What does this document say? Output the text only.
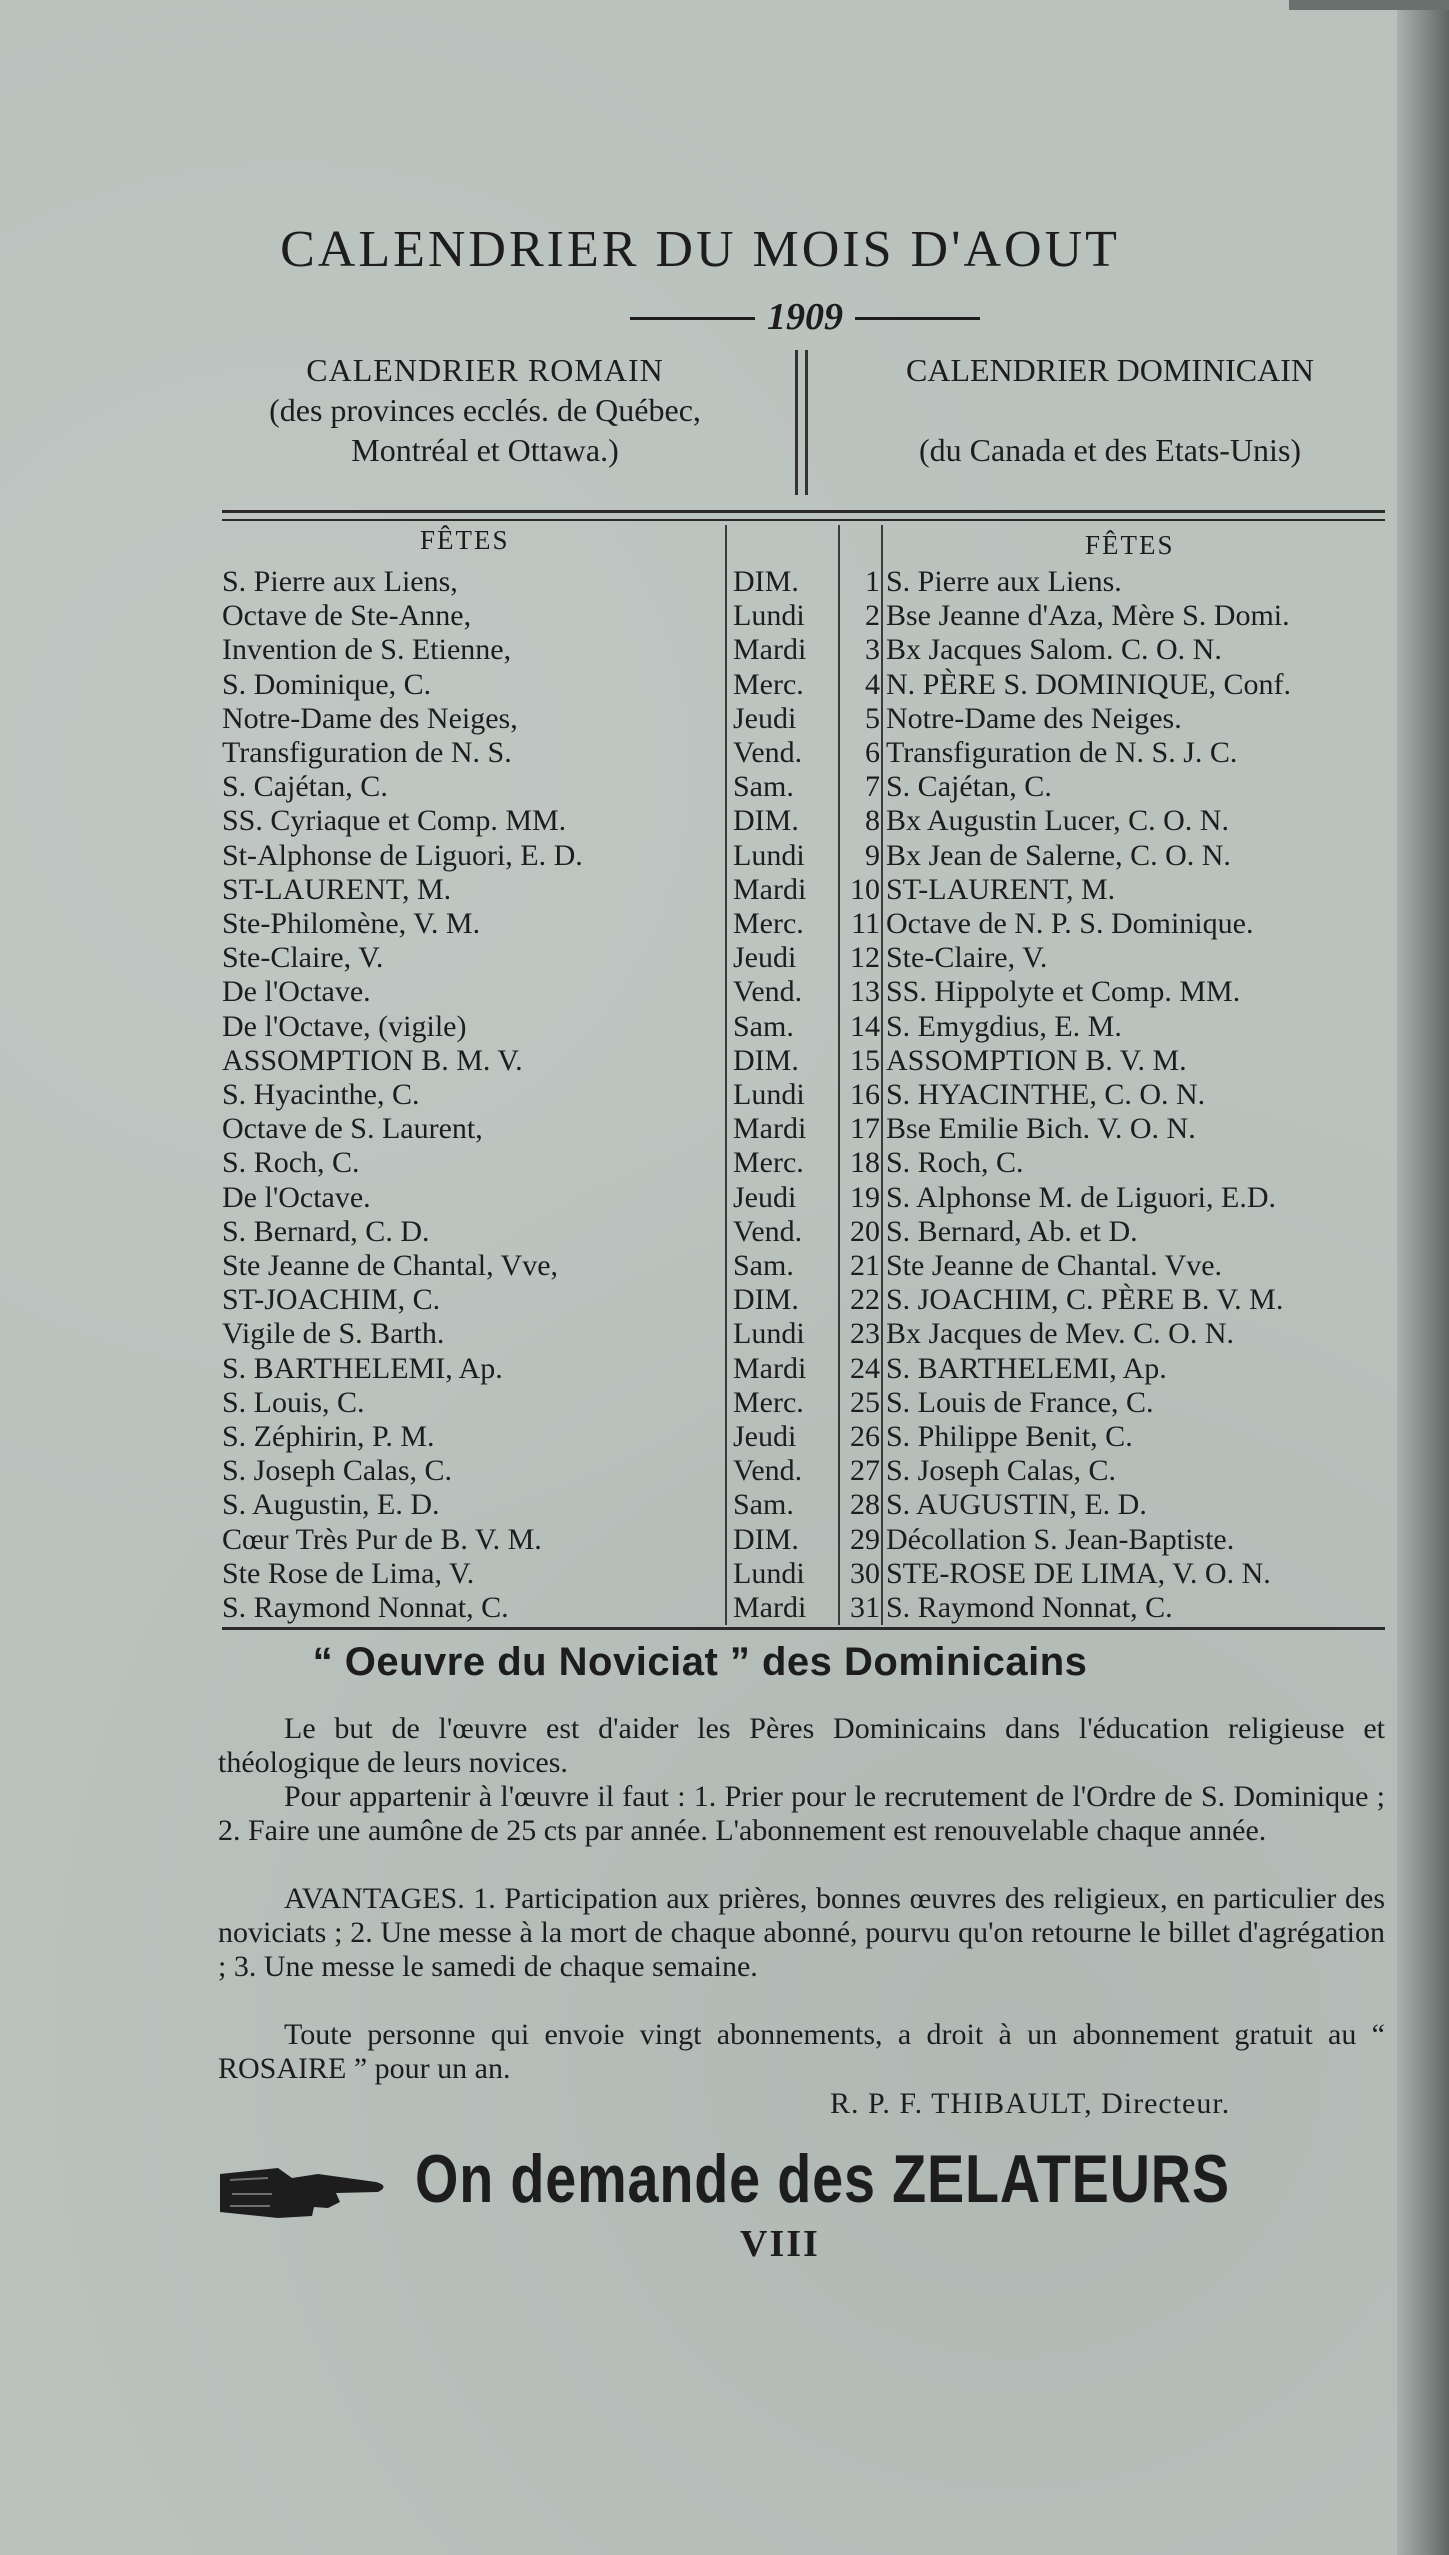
CALENDRIER DU MOIS D'AOUT
1909
CALENDRIER ROMAIN
(des provinces ecclés. de Québec,
Montréal et Ottawa.)
CALENDRIER DOMINICAIN
(du Canada et des Etats-Unis)
FÊTES	FÊTES
S. Pierre aux Liens,	DIM.	1 S. Pierre aux Liens.
Octave de Ste-Anne,	Lundi	2 Bse Jeanne d'Aza, Mère S. Domi.
Invention de S. Etienne,	Mardi	3 Bx Jacques Salom. C. O. N.
S. Dominique, C.	Merc.	4 N. PÈRE S. DOMINIQUE, Conf.
Notre-Dame des Neiges,	Jeudi	5 Notre-Dame des Neiges.
Transfiguration de N. S.	Vend.	6 Transfiguration de N. S. J. C.
S. Cajétan, C.	Sam.	7 S. Cajétan, C.
SS. Cyriaque et Comp. MM.	DIM.	8 Bx Augustin Lucer, C. O. N.
St-Alphonse de Liguori, E. D.	Lundi	9 Bx Jean de Salerne, C. O. N.
ST-LAURENT, M.	Mardi	10 ST-LAURENT, M.
Ste-Philomène, V. M.	Merc.	11 Octave de N. P. S. Dominique.
Ste-Claire, V.	Jeudi	12 Ste-Claire, V.
De l'Octave.	Vend.	13 SS. Hippolyte et Comp. MM.
De l'Octave, (vigile)	Sam.	14 S. Emygdius, E. M.
ASSOMPTION B. M. V.	DIM.	15 ASSOMPTION B. V. M.
S. Hyacinthe, C.	Lundi	16 S. HYACINTHE, C. O. N.
Octave de S. Laurent,	Mardi	17 Bse Emilie Bich. V. O. N.
S. Roch, C.	Merc.	18 S. Roch, C.
De l'Octave.	Jeudi	19 S. Alphonse M. de Liguori, E.D.
S. Bernard, C. D.	Vend.	20 S. Bernard, Ab. et D.
Ste Jeanne de Chantal, Vve,	Sam.	21 Ste Jeanne de Chantal. Vve.
ST-JOACHIM, C.	DIM.	22 S. JOACHIM, C. PÈRE B. V. M.
Vigile de S. Barth.	Lundi	23 Bx Jacques de Mev. C. O. N.
S. BARTHELEMI, Ap.	Mardi	24 S. BARTHELEMI, Ap.
S. Louis, C.	Merc.	25 S. Louis de France, C.
S. Zéphirin, P. M.	Jeudi	26 S. Philippe Benit, C.
S. Joseph Calas, C.	Vend.	27 S. Joseph Calas, C.
S. Augustin, E. D.	Sam.	28 S. AUGUSTIN, E. D.
Cœur Très Pur de B. V. M.	DIM.	29 Décollation S. Jean-Baptiste.
Ste Rose de Lima, V.	Lundi	30 STE-ROSE DE LIMA, V. O. N.
S. Raymond Nonnat, C.	Mardi	31 S. Raymond Nonnat, C.
“ Oeuvre du Noviciat ” des Dominicains
Le but de l'œuvre est d'aider les Pères Dominicains dans l'éducation religieuse et théologique de leurs novices.
Pour appartenir à l'œuvre il faut : 1. Prier pour le recrutement de l'Ordre de S. Dominique ; 2. Faire une aumône de 25 cts par année. L'abonnement est renouvelable chaque année.
AVANTAGES. 1. Participation aux prières, bonnes œuvres des religieux, en particulier des noviciats ; 2. Une messe à la mort de chaque abonné, pourvu qu'on retourne le billet d'agrégation ; 3. Une messe le samedi de chaque semaine.
Toute personne qui envoie vingt abonnements, a droit à un abonnement gratuit au “ ROSAIRE ” pour un an.
R. P. F. THIBAULT, Directeur.
On demande des ZELATEURS
VIII
